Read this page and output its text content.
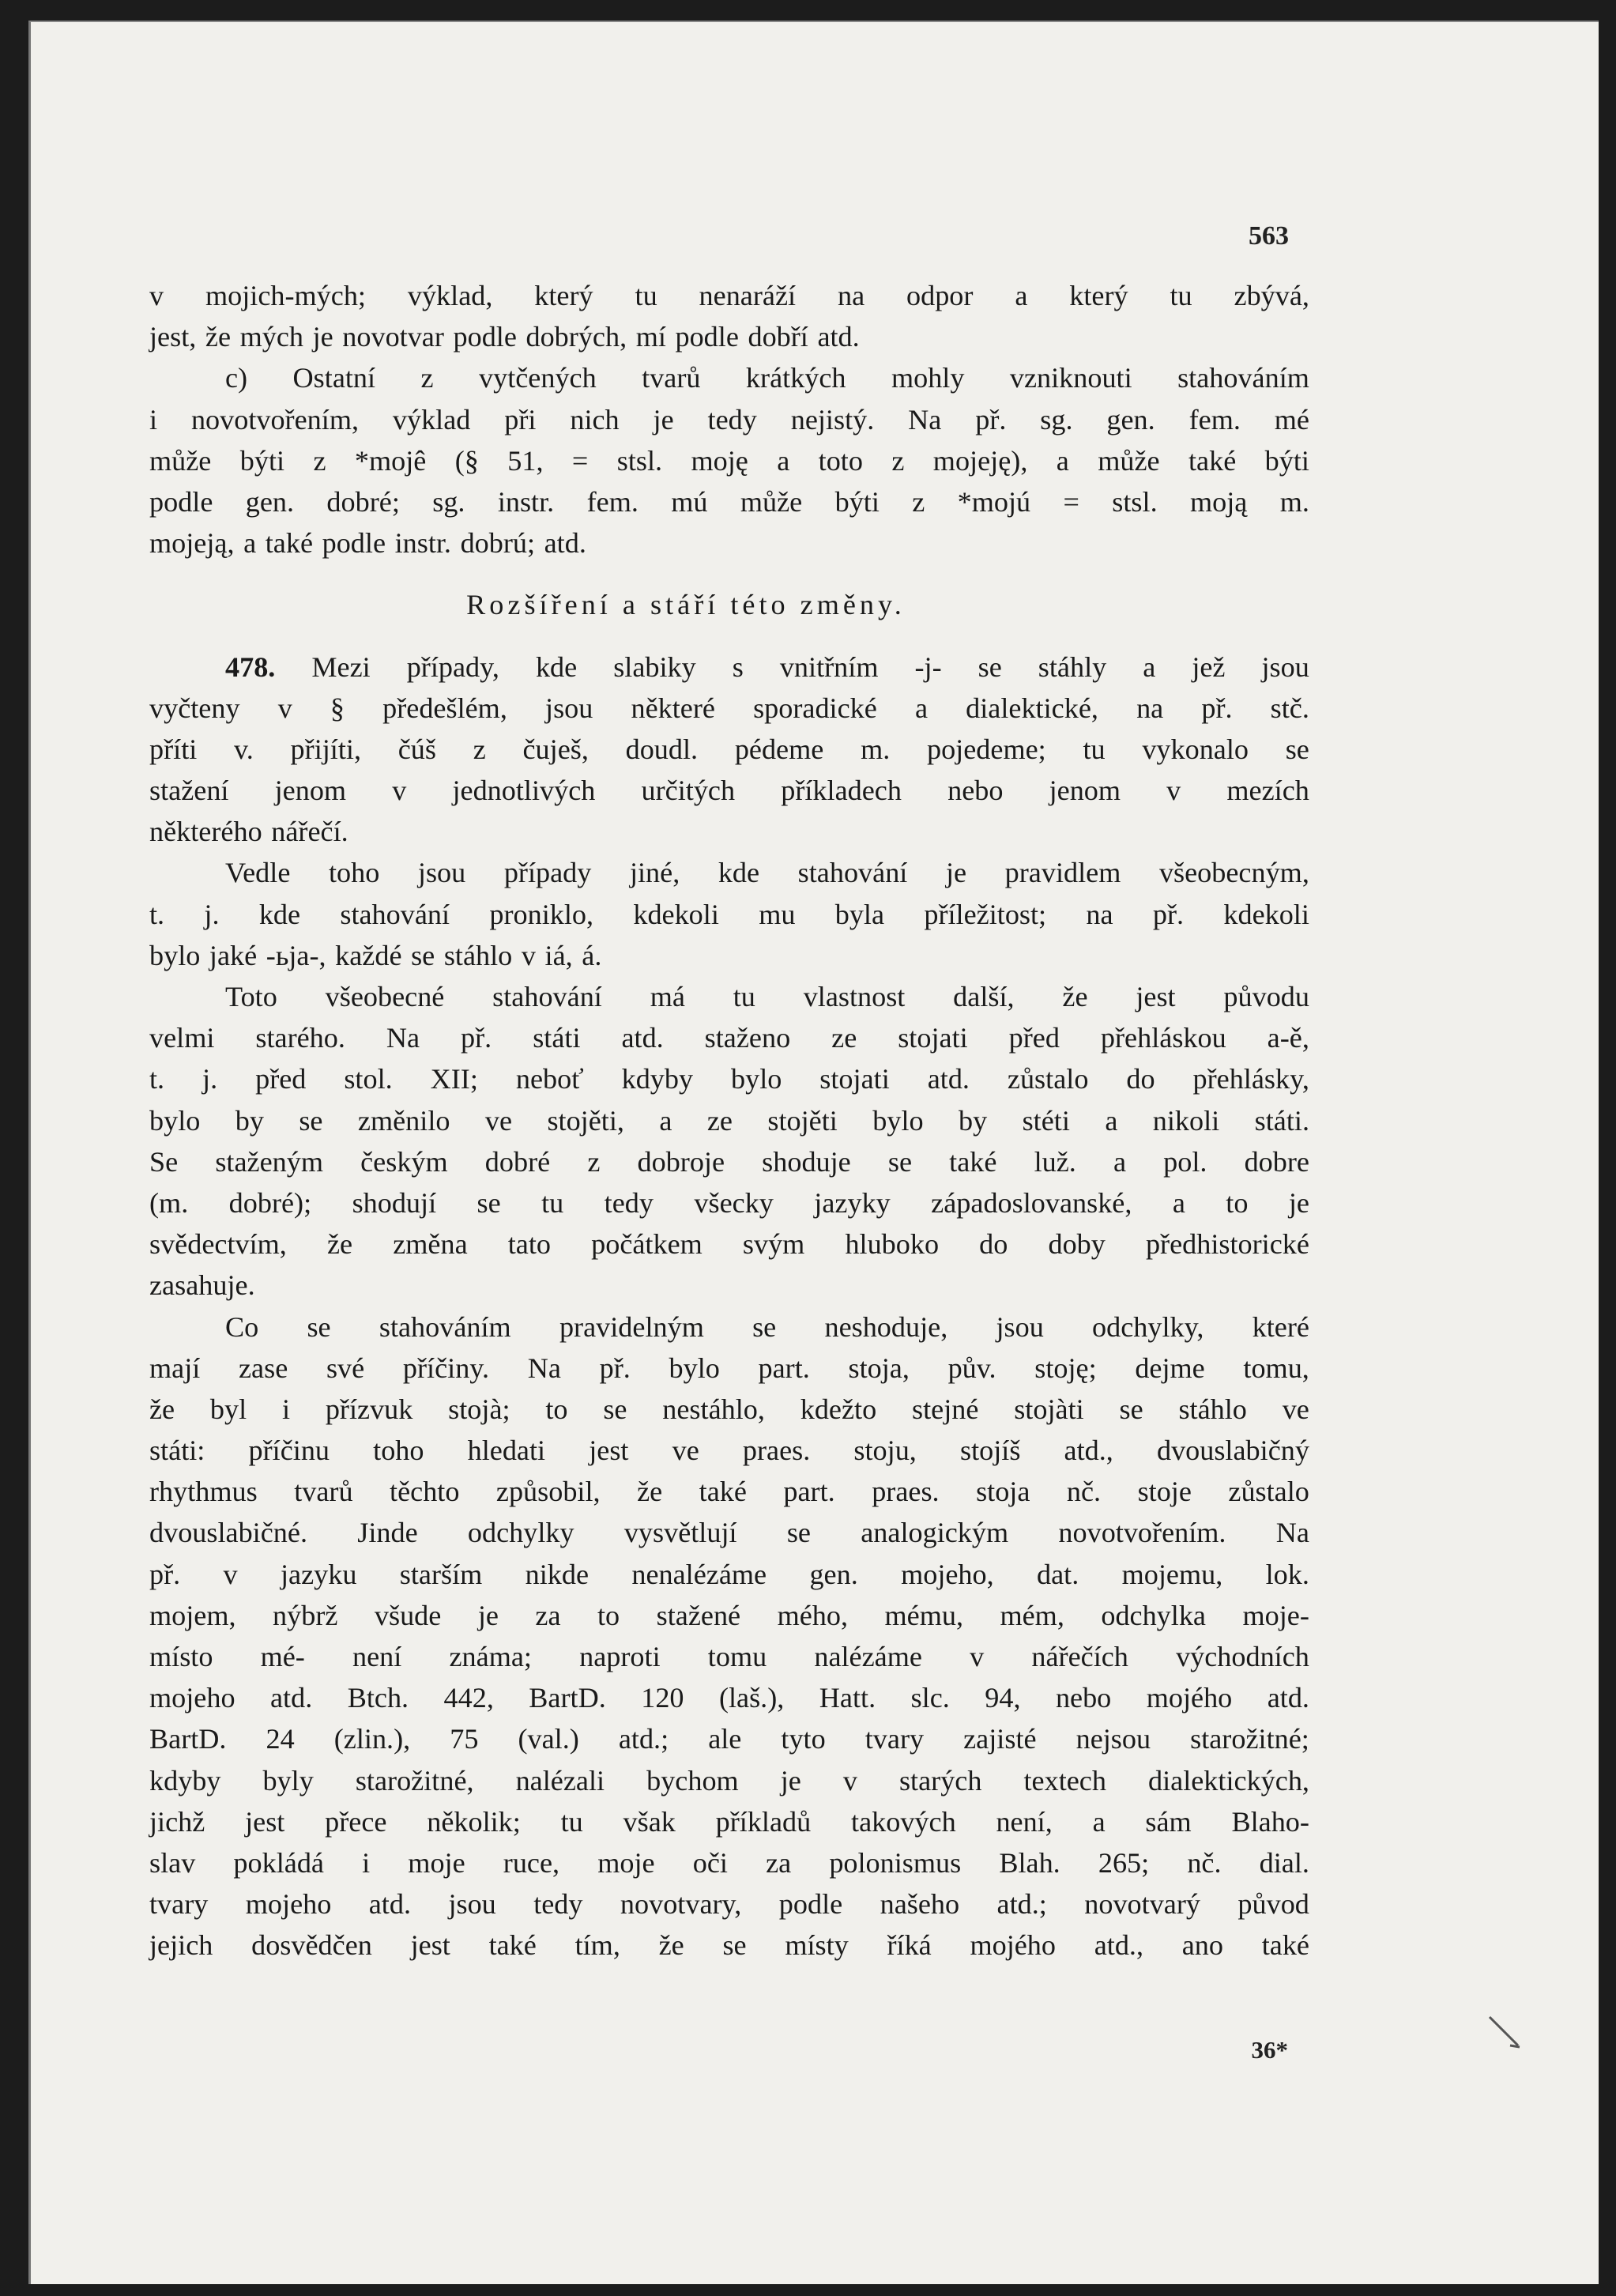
563
v mojich-mých; výklad, který tu nenaráží na odpor a který tu zbývá,
jest, že mých je novotvar podle dobrých, mí podle dobří atd.
c) Ostatní z vytčených tvarů krátkých mohly vzniknouti stahováním
i novotvořením, výklad při nich je tedy nejistý. Na př. sg. gen. fem. mé
může býti z *mojê (§ 51, = stsl. moję a toto z mojeję), a může také býti
podle gen. dobré; sg. instr. fem. mú může býti z *mojú = stsl. moją m.
mojeją, a také podle instr. dobrú; atd.
Rozšíření a stáří této změny.
478. Mezi případy, kde slabiky s vnitřním -j- se stáhly a jež jsou
vyčteny v § předešlém, jsou některé sporadické a dialektické, na př. stč.
příti v. přijíti, čúš z čuješ, doudl. pédeme m. pojedeme; tu vykonalo se
stažení jenom v jednotlivých určitých příkladech nebo jenom v mezích
některého nářečí.
Vedle toho jsou případy jiné, kde stahování je pravidlem všeobecným,
t. j. kde stahování proniklo, kdekoli mu byla příležitost; na př. kdekoli
bylo jaké -ьja-, každé se stáhlo v iá, á.
Toto všeobecné stahování má tu vlastnost další, že jest původu
velmi starého. Na př. státi atd. staženo ze stojati před přehláskou a-ě,
t. j. před stol. XII; neboť kdyby bylo stojati atd. zůstalo do přehlásky,
bylo by se změnilo ve stojěti, a ze stojěti bylo by stéti a nikoli státi.
Se staženým českým dobré z dobroje shoduje se také luž. a pol. dobre
(m. dobré); shodují se tu tedy všecky jazyky západoslovanské, a to je
svědectvím, že změna tato počátkem svým hluboko do doby předhistorické
zasahuje.
Co se stahováním pravidelným se neshoduje, jsou odchylky, které
mají zase své příčiny. Na př. bylo part. stoja, pův. stoję; dejme tomu,
že byl i přízvuk stojà; to se nestáhlo, kdežto stejné stojàti se stáhlo ve
státi: příčinu toho hledati jest ve praes. stoju, stojíš atd., dvouslabičný
rhythmus tvarů těchto způsobil, že také part. praes. stoja nč. stoje zůstalo
dvouslabičné. Jinde odchylky vysvětlují se analogickým novotvořením. Na
př. v jazyku starším nikde nenalézáme gen. mojeho, dat. mojemu, lok.
mojem, nýbrž všude je za to stažené mého, mému, mém, odchylka moje-
místo mé- není známa; naproti tomu nalézáme v nářečích východních
mojeho atd. Btch. 442, BartD. 120 (laš.), Hatt. slc. 94, nebo mojého atd.
BartD. 24 (zlin.), 75 (val.) atd.; ale tyto tvary zajisté nejsou starožitné;
kdyby byly starožitné, nalézali bychom je v starých textech dialektických,
jichž jest přece několik; tu však příkladů takových není, a sám Blaho-
slav pokládá i moje ruce, moje oči za polonismus Blah. 265; nč. dial.
tvary mojeho atd. jsou tedy novotvary, podle našeho atd.; novotvarý původ
jejich dosvědčen jest také tím, že se místy říká mojého atd., ano také
36*
